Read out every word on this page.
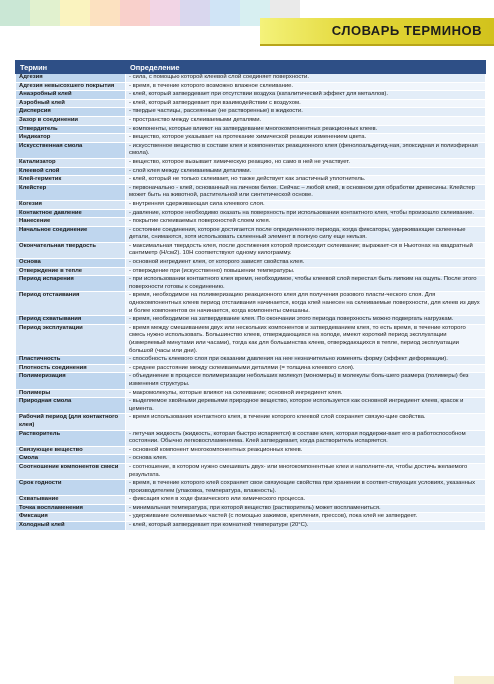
СЛОВАРЬ ТЕРМИНОВ
Термин	Определение
Адгезия	- сила, с помощью которой клеевой слой соединяет поверхности.
Адгезия невысохшего покрытия	- время, в течение которого возможно влажное склеивание.
Анаэробный клей	- клей, который затвердевает при отсутствии воздуха (каталитический эффект для металлов).
Аэробный клей	- клей, который затвердевает при взаимодействии с воздухом.
Дисперсия	- твердые частицы, рассеянные (не растворенные) в жидкости.
Зазор в соединении	- пространство между склеиваемыми деталями.
Отвердитель	- компоненты, которые влияют на затвердевание многокомпонентных реакционных клеев.
Индикатор	- вещество, которое указывает на протекание химической реакции изменением цвета.
Искусственная смола	- искусственное вещество в составе клея и компонентах реакционного клея (фенолоальдегид-ная, эпоксидная и полиэфирная смола).
Катализатор	- вещество, которое вызывает химическую реакцию, но само в ней не участвует.
Клеевой слой	- слой клея между склеиваемыми деталями.
Клей-герметик	- клей, который не только склеивает, но также действует как эластичный уплотнитель.
Клейстер	- первоначально - клей, основанный на личном белке. Сейчас – любой клей, в основном для обработки древесины. Клейстер может быть на животной, растительной или синтетической основе.
Когезия	- внутренняя сдерживающая сила клеевого слоя.
Контактное давление	- давление, которое необходимо оказать на поверхность при использовании контактного клея, чтобы произошло склеивание.
Нанесение	- покрытие склеиваемых поверхностей слоем клея.
Начальное соединение	- состояние соединения, которое достигается после определенного периода, когда фиксаторы, удерживающие склеенные детали, снимаются, хотя использовать склеенный элемент в полную силу еще нельзя.
Окончательная твердость	- максимальная твердость клея, после достижения которой происходит склеивание; выражает-ся в Ньютонах на квадратный сантиметр (Н/см2). 10Н соответствуют одному килограмму.
Основа	- основной ингредиент клея, от которого зависят свойства клея.
Отверждение в тепле	- отверждение при (искусственно) повышении температуры.
Период испарения	- при использовании контактного клея время, необходимое, чтобы клеевой слой перестал быть липким на ощупь. После этого поверхности готовы к соединению.
Период отстаивания	- время, необходимое на полимеризацию реакционного клея для получения розового пласти-ческого слоя. Для однокомпонентных клеев период отстаивания начинается, когда клей нанесен на склеиваемые поверхности, для клеев из двух и более компонентов он начинается, когда компоненты смешаны.
Период схватывания	- время, необходимое на затвердевание клея. По окончании этого периода поверхность можно подвергать нагрузкам.
Период эксплуатации	- время между смешиванием двух или нескольких компонентов и затвердеванием клея, то есть время, в течение которого смесь нужно использовать. Большинство клеев, отверждающихся на холоде, имеют короткий период эксплуатации (измеряемый минутами или часами), тогда как для большинства клеев, отверждающихся в тепле, период эксплуатации большой (часы или дни).
Пластичность	- способность клеевого слоя при оказании давления на нее незначительно изменять форму (эффект деформации).
Плотность соединения	- среднее расстояние между склеиваемыми деталями (= толщина клеевого слоя).
Полимеризация	- объединение в процессе полимеризации небольших молекул (мономеры) в молекулы боль-шего размера (полимеры) без изменения структуры.
Полимеры	- макромолекулы, которые влияют на склеивание; основной ингредиент клея.
Природная смола	- выделяемое хвойными деревьями природное вещество, которое используется как основной ингредиент клеев, красок и цемента.
Рабочий период (для контактного клея)	- время использования контактного клея, в течение которого клеевой слой сохраняет связую-щие свойства.
Растворитель	- летучая жидкость (жидкость, которая быстро испаряется) в составе клея, которая поддержи-вает его в работоспособном состоянии. Обычно легковоспламеняема. Клей затвердевает, когда растворитель испаряется.
Связующее вещество	- основной компонент многокомпонентных реакционных клеев.
Смола	- основа клея.
Соотношение компонентов смеси	- соотношение, в котором нужно смешивать двух- или многокомпонентные клеи и наполните-ли, чтобы достичь желаемого результата.
Срок годности	- время, в течение которого клей сохраняет свои связующие свойства при хранении в соответ-ствующих условиях, указанных производителем (упаковка, температура, влажность).
Схватывание	- фиксация клея в ходе физического или химического процесса.
Точка воспламенения	- минимальная температура, при которой вещество (растворитель) может воспламениться.
Фиксация	- удерживание склеиваемых частей (с помощью зажимов, крепления, прессов), пока клей не затвердеет.
Холодный клей	- клей, который затвердевает при комнатной температуре (20°С).
